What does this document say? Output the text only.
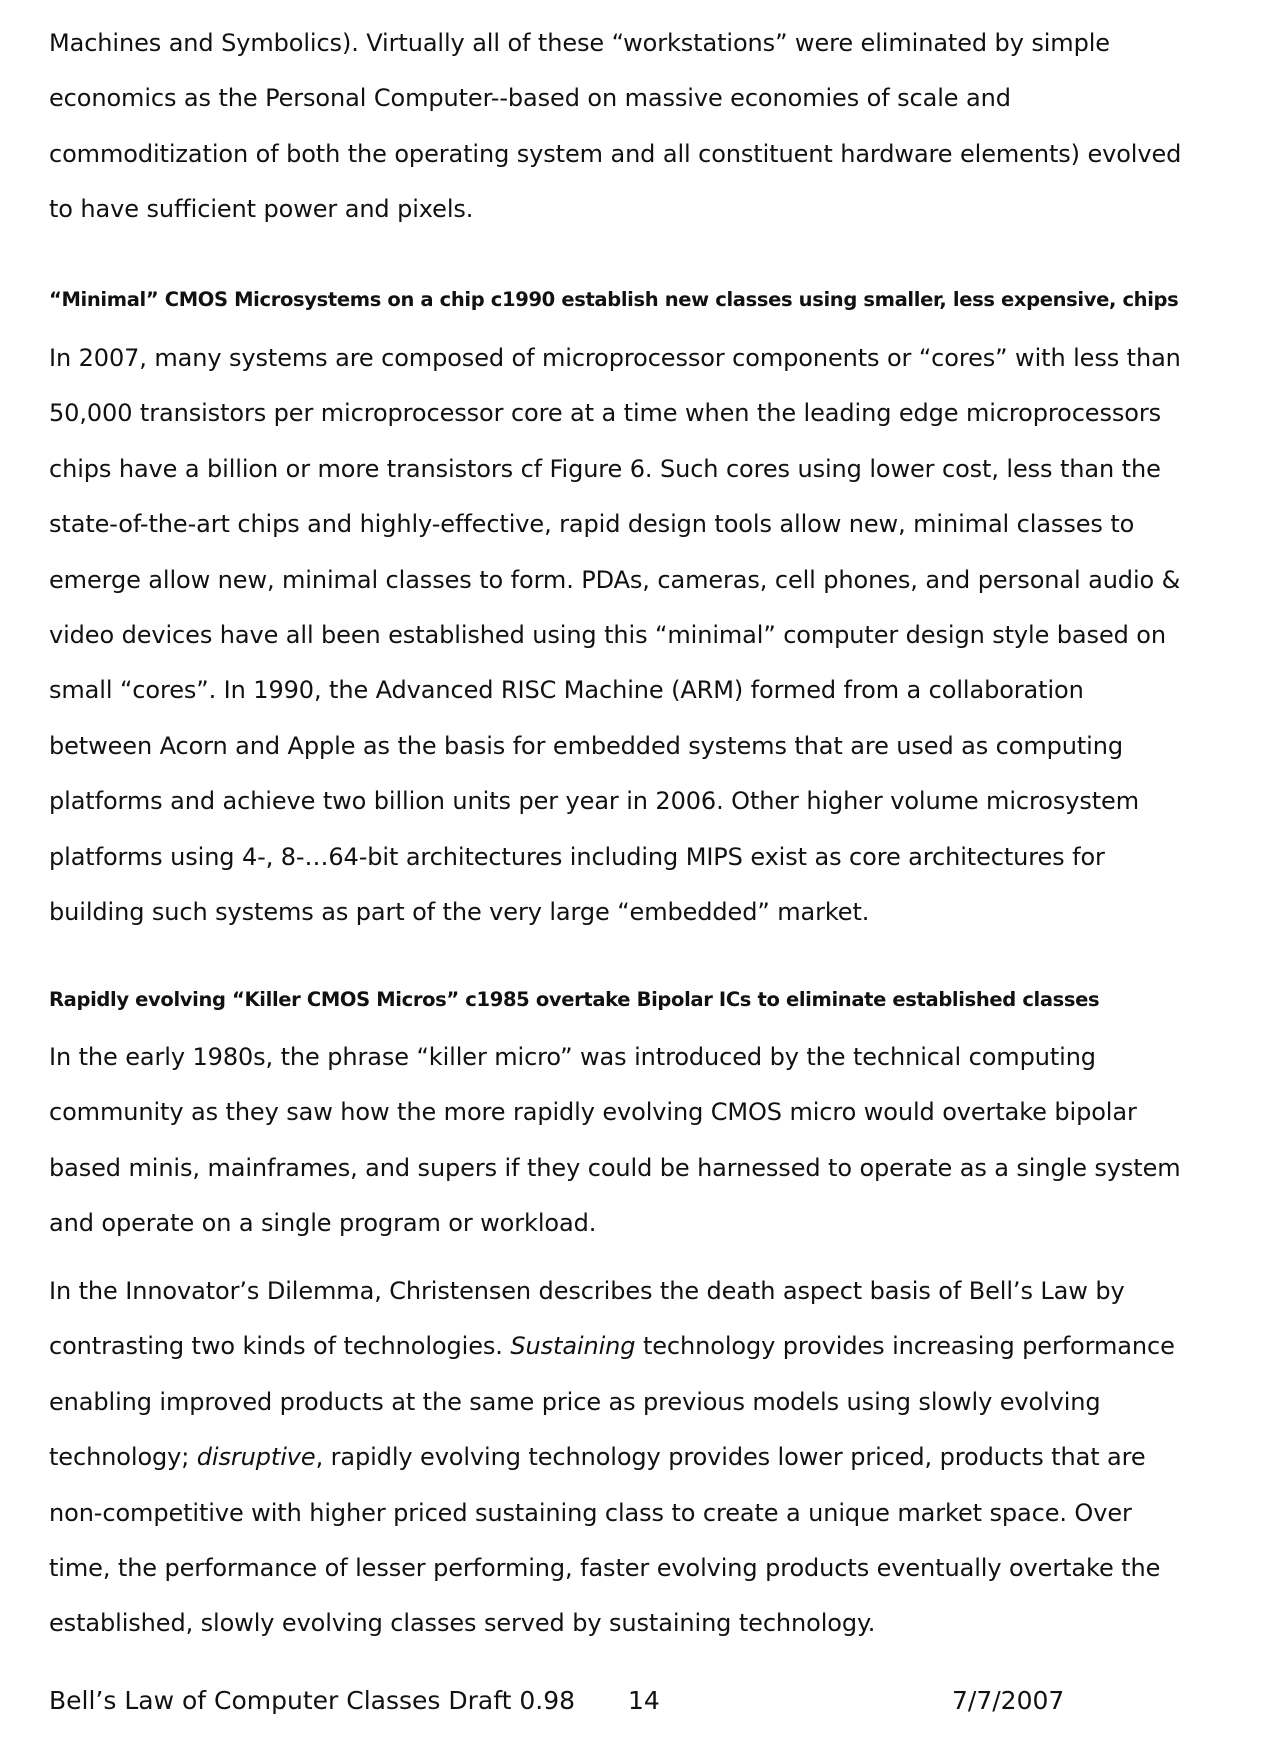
Machines and Symbolics). Virtually all of these “workstations” were eliminated by simple
economics as the Personal Computer--based on massive economies of scale and
commoditization of both the operating system and all constituent hardware elements) evolved
to have sufficient power and pixels.
“Minimal” CMOS Microsystems on a chip c1990 establish new classes using smaller, less expensive, chips
In 2007, many systems are composed of microprocessor components or “cores” with less than
50,000 transistors per microprocessor core at a time when the leading edge microprocessors
chips have a billion or more transistors cf Figure 6. Such cores using lower cost, less than the
state-of-the-art chips and highly-effective, rapid design tools allow new, minimal classes to
emerge allow new, minimal classes to form. PDAs, cameras, cell phones, and personal audio &
video devices have all been established using this “minimal” computer design style based on
small “cores”. In 1990, the Advanced RISC Machine (ARM) formed from a collaboration
between Acorn and Apple as the basis for embedded systems that are used as computing
platforms and achieve two billion units per year in 2006. Other higher volume microsystem
platforms using 4-, 8-…64-bit architectures including MIPS exist as core architectures for
building such systems as part of the very large “embedded” market.
Rapidly evolving “Killer CMOS Micros” c1985 overtake Bipolar ICs to eliminate established classes
In the early 1980s, the phrase “killer micro” was introduced by the technical computing
community as they saw how the more rapidly evolving CMOS micro would overtake bipolar
based minis, mainframes, and supers if they could be harnessed to operate as a single system
and operate on a single program or workload.
In the Innovator’s Dilemma, Christensen describes the death aspect basis of Bell’s Law by
contrasting two kinds of technologies. Sustaining technology provides increasing performance
enabling improved products at the same price as previous models using slowly evolving
technology; disruptive, rapidly evolving technology provides lower priced, products that are
non-competitive with higher priced sustaining class to create a unique market space. Over
time, the performance of lesser performing, faster evolving products eventually overtake the
established, slowly evolving classes served by sustaining technology.
Bell’s Law of Computer Classes Draft 0.98 14	7/7/2007
